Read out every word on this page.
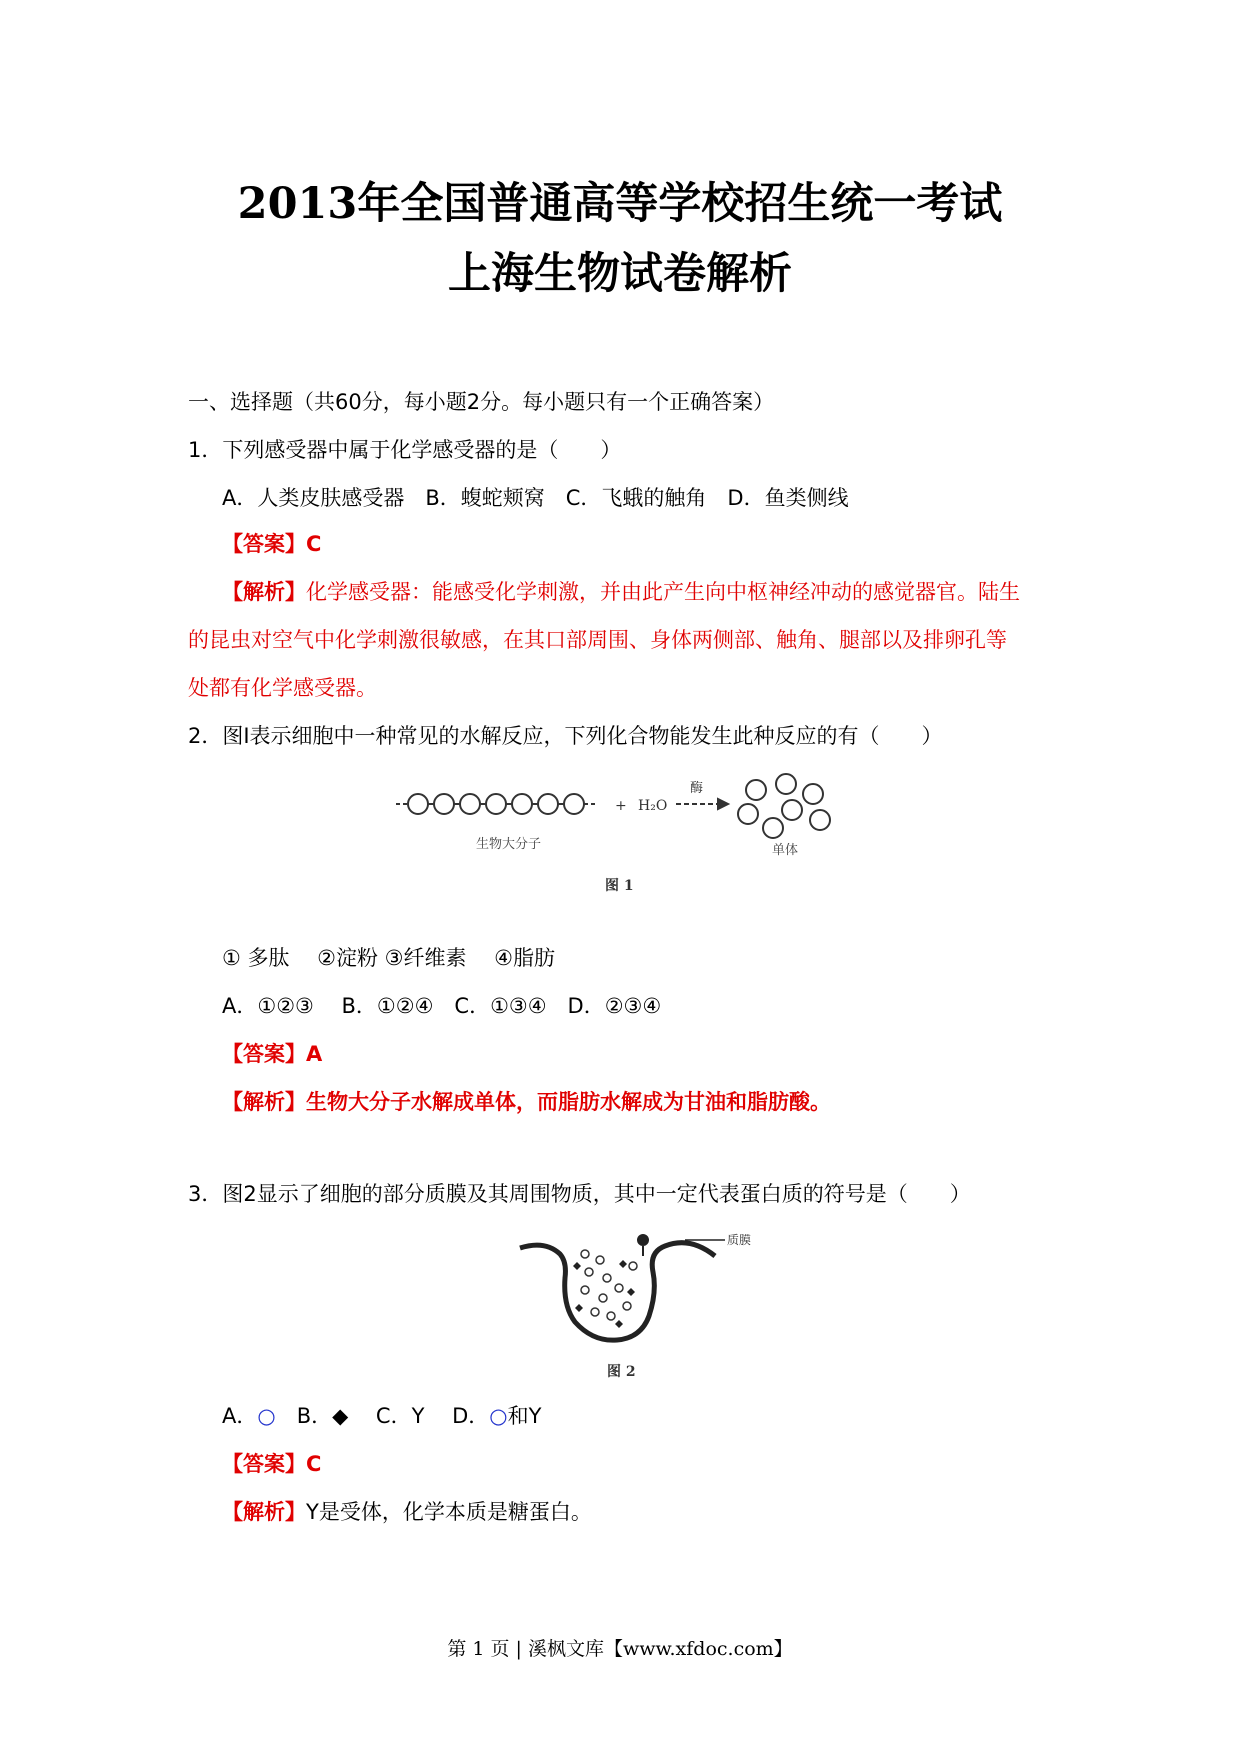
2013年全国普通高等学校招生统一考试
上海生物试卷解析
一、选择题（共60分，每小题2分。每小题只有一个正确答案）
1．下列感受器中属于化学感受器的是（　　）
A．人类皮肤感受器　B．蝮蛇颊窝　C．飞蛾的触角　D．鱼类侧线
【答案】C
【解析】化学感受器：能感受化学刺激，并由此产生向中枢神经冲动的感觉器官。陆生
的昆虫对空气中化学刺激很敏感，在其口部周围、身体两侧部、触角、腿部以及排卵孔等
处都有化学感受器。
2．图Ⅰ表示细胞中一种常见的水解反应，下列化合物能发生此种反应的有（　　）
+ H₂O
酶
生物大分子	单体
图 1
① 多肽　 ②淀粉 ③纤维素　 ④脂肪
A．①②③　 B．①②④　C．①③④　D．②③④
【答案】A
【解析】生物大分子水解成单体，而脂肪水解成为甘油和脂肪酸。
3．图2显示了细胞的部分质膜及其周围物质，其中一定代表蛋白质的符号是（　　）
质膜
图 2
A．○　B．◆　 C．Y　 D．○和Y
【答案】C
【解析】Y是受体，化学本质是糖蛋白。
第 1 页 | 溪枫文库【www.xfdoc.com】
